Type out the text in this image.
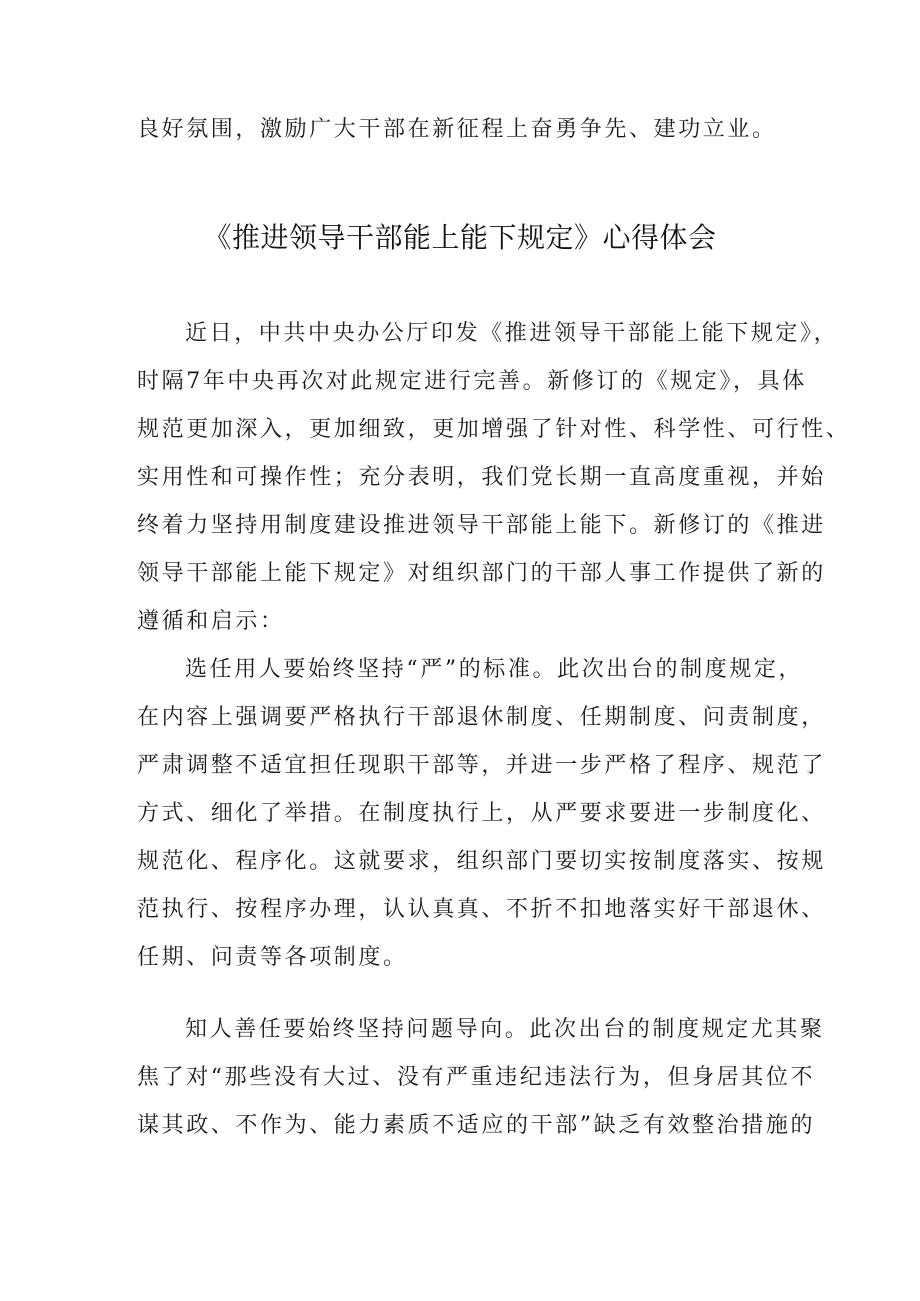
良好氛围，激励广大干部在新征程上奋勇争先、建功立业。
《推进领导干部能上能下规定》心得体会
近日，中共中央办公厅印发《推进领导干部能上能下规定》，
时隔7年中央再次对此规定进行完善。新修订的《规定》，具体
规范更加深入，更加细致，更加增强了针对性、科学性、可行性、
实用性和可操作性；充分表明，我们党长期一直高度重视，并始
终着力坚持用制度建设推进领导干部能上能下。新修订的《推进
领导干部能上能下规定》对组织部门的干部人事工作提供了新的
遵循和启示：
选任用人要始终坚持“严”的标准。此次出台的制度规定，
在内容上强调要严格执行干部退休制度、任期制度、问责制度，
严肃调整不适宜担任现职干部等，并进一步严格了程序、规范了
方式、细化了举措。在制度执行上，从严要求要进一步制度化、
规范化、程序化。这就要求，组织部门要切实按制度落实、按规
范执行、按程序办理，认认真真、不折不扣地落实好干部退休、
任期、问责等各项制度。
知人善任要始终坚持问题导向。此次出台的制度规定尤其聚
焦了对“那些没有大过、没有严重违纪违法行为，但身居其位不
谋其政、不作为、能力素质不适应的干部”缺乏有效整治措施的
